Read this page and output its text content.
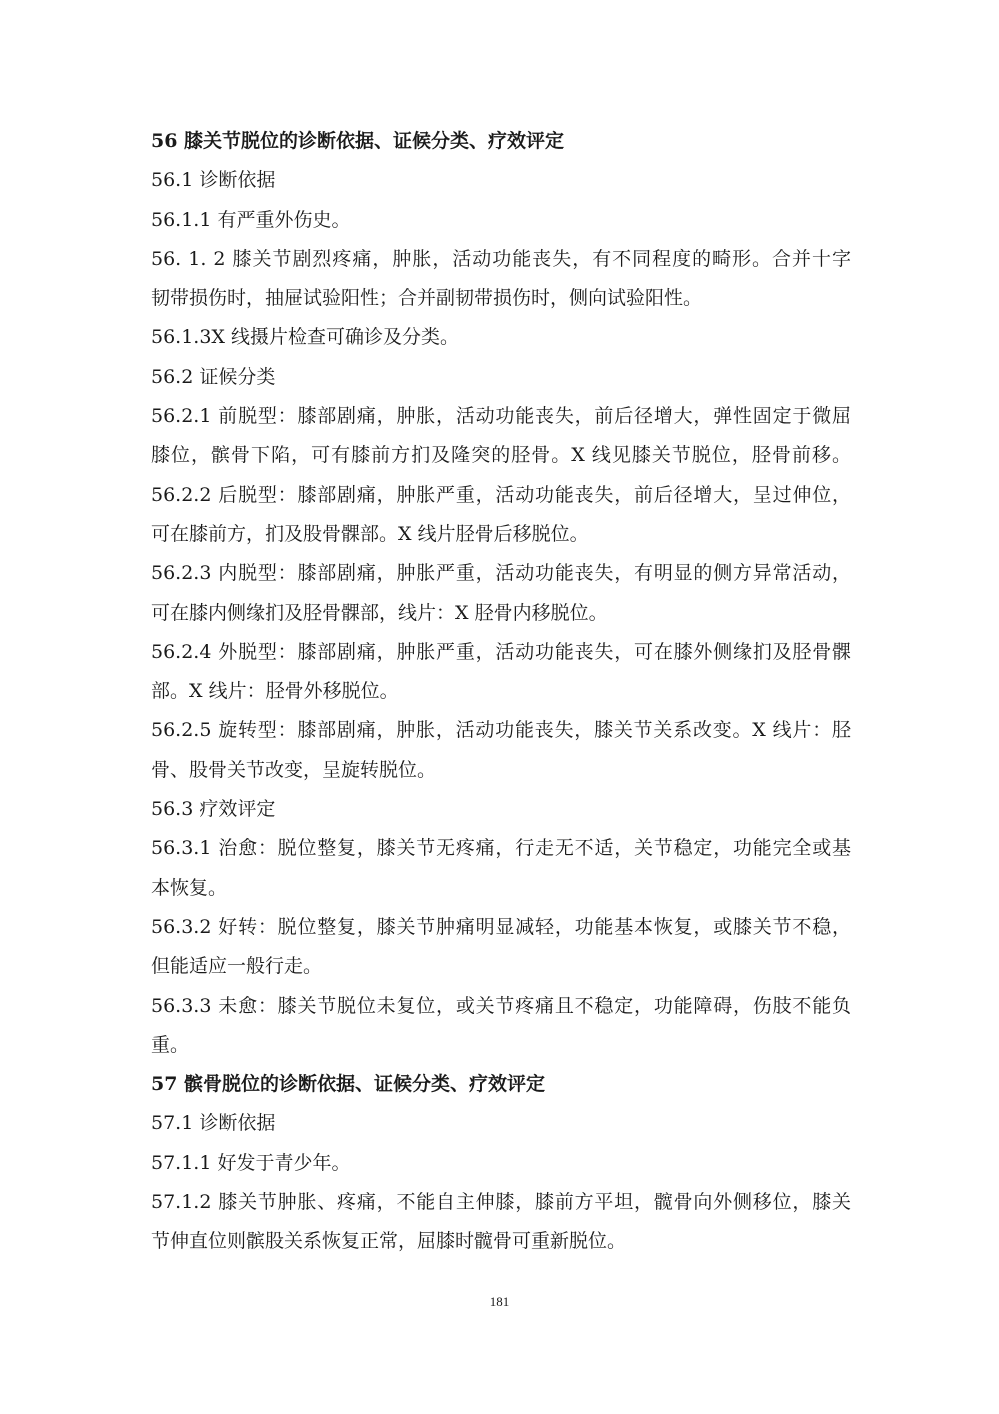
56 膝关节脱位的诊断依据、证候分类、疗效评定
56.1 诊断依据
56.1.1 有严重外伤史。
56. 1. 2 膝关节剧烈疼痛，肿胀，活动功能丧失，有不同程度的畸形。合并十字
韧带损伤时，抽屉试验阳性；合并副韧带损伤时，侧向试验阳性。
56.1.3X 线摄片检查可确诊及分类。
56.2 证候分类
56.2.1 前脱型：膝部剧痛，肿胀，活动功能丧失，前后径增大，弹性固定于微屈
膝位，髌骨下陷，可有膝前方扪及隆突的胫骨。X 线见膝关节脱位，胫骨前移。
56.2.2 后脱型：膝部剧痛，肿胀严重，活动功能丧失，前后径增大，呈过伸位，
可在膝前方，扪及股骨髁部。X 线片胫骨后移脱位。
56.2.3 内脱型：膝部剧痛，肿胀严重，活动功能丧失，有明显的侧方异常活动，
可在膝内侧缘扪及胫骨髁部，线片：X 胫骨内移脱位。
56.2.4 外脱型：膝部剧痛，肿胀严重，活动功能丧失，可在膝外侧缘扪及胫骨髁
部。X 线片：胫骨外移脱位。
56.2.5 旋转型：膝部剧痛，肿胀，活动功能丧失，膝关节关系改变。X 线片：胫
骨、股骨关节改变，呈旋转脱位。
56.3 疗效评定
56.3.1 治愈：脱位整复，膝关节无疼痛，行走无不适，关节稳定，功能完全或基
本恢复。
56.3.2 好转：脱位整复，膝关节肿痛明显减轻，功能基本恢复，或膝关节不稳，
但能适应一般行走。
56.3.3 未愈：膝关节脱位未复位，或关节疼痛且不稳定，功能障碍，伤肢不能负
重。
57 髌骨脱位的诊断依据、证候分类、疗效评定
57.1 诊断依据
57.1.1 好发于青少年。
57.1.2 膝关节肿胀、疼痛，不能自主伸膝，膝前方平坦，髋骨向外侧移位，膝关
节伸直位则髌股关系恢复正常，屈膝时髋骨可重新脱位。
181
